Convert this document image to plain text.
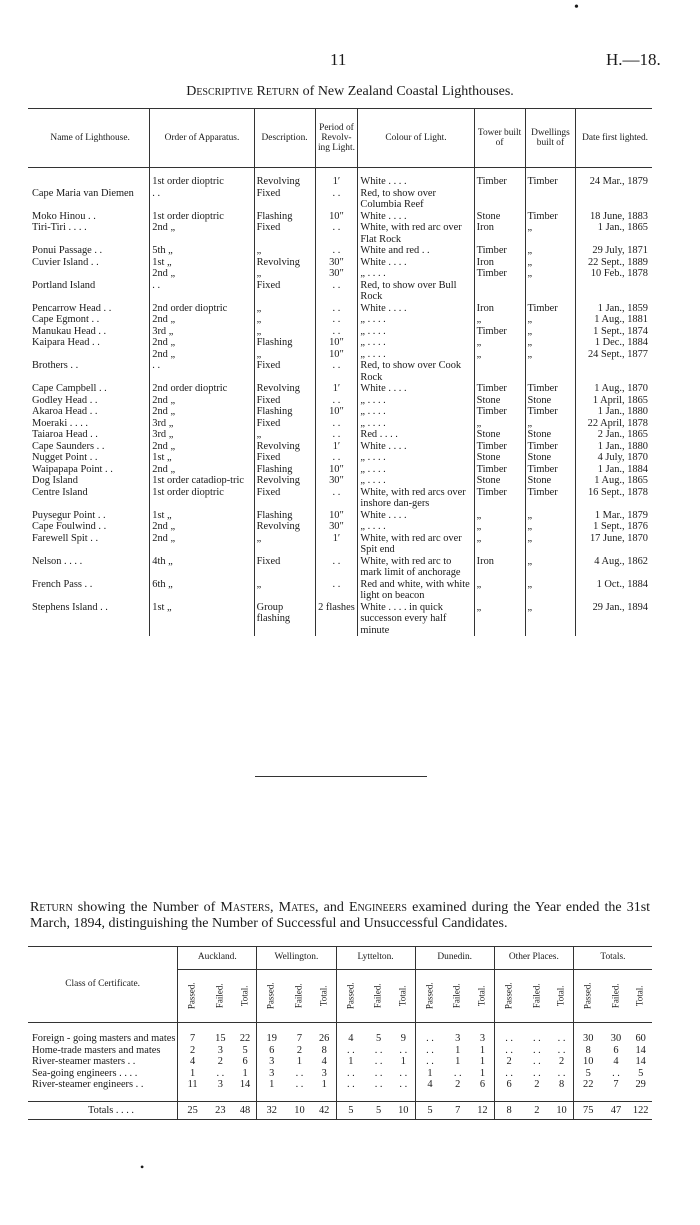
•
11	H.—18.
Descriptive Return of New Zealand Coastal Lighthouses.
Name of Lighthouse.	Order of Apparatus.	Description.	Period of Revolv-ing Light.	Colour of Light.	Tower built of	Dwellings built of	Date first lighted.

	1st order dioptric	Revolving	1′	White . . . .	Timber	Timber	24 Mar., 1879
Cape Maria van Diemen	. .	Fixed	. .	Red, to show over Columbia Reef			
Moko Hinou . .	1st order dioptric	Flashing	10″	White . . . .	Stone	Timber	18 June, 1883
Tiri-Tiri . . . .	2nd „	Fixed	. .	White, with red arc over Flat Rock	Iron	„	1 Jan., 1865
Ponui Passage . .	5th „	„	. .	White and red . .	Timber	„	29 July, 1871
Cuvier Island . .	1st „	Revolving	30″	White . . . .	Iron	„	22 Sept., 1889
	2nd „	„	30″	„ . . . .	Timber	„	10 Feb., 1878
Portland Island	. .	Fixed	. .	Red, to show over Bull Rock			
Pencarrow Head . .	2nd order dioptric	„	. .	White . . . .	Iron	Timber	1 Jan., 1859
Cape Egmont . .	2nd „	„	. .	„ . . . .	„	„	1 Aug., 1881
Manukau Head . .	3rd „	„	. .	„ . . . .	Timber	„	1 Sept., 1874
Kaipara Head . .	2nd „	Flashing	10″	„ . . . .	„	„	1 Dec., 1884
	2nd „	„	10″	„ . . . .	„	„	24 Sept., 1877
Brothers . .	. .	Fixed	. .	Red, to show over Cook Rock			
Cape Campbell . .	2nd order dioptric	Revolving	1′	White . . . .	Timber	Timber	1 Aug., 1870
Godley Head . .	2nd „	Fixed	. .	„ . . . .	Stone	Stone	1 April, 1865
Akaroa Head . .	2nd „	Flashing	10″	„ . . . .	Timber	Timber	1 Jan., 1880
Moeraki . . . .	3rd „	Fixed	. .	„ . . . .	„	„	22 April, 1878
Taiaroa Head . .	3rd „	„	. .	Red . . . .	Stone	Stone	2 Jan., 1865
Cape Saunders . .	2nd „	Revolving	1′	White . . . .	Timber	Timber	1 Jan., 1880
Nugget Point . .	1st „	Fixed	. .	„ . . . .	Stone	Stone	4 July, 1870
Waipapapa Point . .	2nd „	Flashing	10″	„ . . . .	Timber	Timber	1 Jan., 1884
Dog Island	1st order catadiop-tric	Revolving	30″	„ . . . .	Stone	Stone	1 Aug., 1865
Centre Island	1st order dioptric	Fixed	. .	White, with red arcs over inshore dan-gers	Timber	Timber	16 Sept., 1878
Puysegur Point . .	1st „	Flashing	10″	White . . . .	„	„	1 Mar., 1879
Cape Foulwind . .	2nd „	Revolving	30″	„ . . . .	„	„	1 Sept., 1876
Farewell Spit . .	2nd „	„	1′	White, with red arc over Spit end	„	„	17 June, 1870
Nelson . . . .	4th „	Fixed	. .	White, with red arc to mark limit of anchorage	Iron	„	4 Aug., 1862
French Pass . .	6th „	„	. .	Red and white, with white light on beacon	„	„	1 Oct., 1884
Stephens Island . .	1st „	Group flashing	2 flashes	White . . . . in quick successon every half minute	„	„	29 Jan., 1894
Return showing the Number of Masters, Mates, and Engineers examined during the Year ended the 31st March, 1894, distinguishing the Number of Successful and Unsuccessful Candidates.
Class of Certificate.	Auckland.			Wellington.			Lyttelton.			Dunedin.			Other Places.			Totals.		
	Passed.	Failed.	Total.	Passed.	Failed.	Total.	Passed.	Failed.	Total.	Passed.	Failed.	Total.	Passed.	Failed.	Total.	Passed.	Failed.	Total.

Foreign - going masters and mates	7	15	22	19	7	26	4	5	9	. .	3	3	. .	. .	. .	30	30	60
Home-trade masters and mates	2	3	5	6	2	8	. .	. .	. .	. .	1	1	. .	. .	. .	8	6	14
River-steamer masters . .	4	2	6	3	1	4	1	. .	1	. .	1	1	2	. .	2	10	4	14
Sea-going engineers . . . .	1	. .	1	3	. .	3	. .	. .	. .	1	. .	1	. .	. .	. .	5	. .	5
River-steamer engineers . .	11	3	14	1	. .	1	. .	. .	. .	4	2	6	6	2	8	22	7	29

Totals . . . .	25	23	48	32	10	42	5	5	10	5	7	12	8	2	10	75	47	122
•
